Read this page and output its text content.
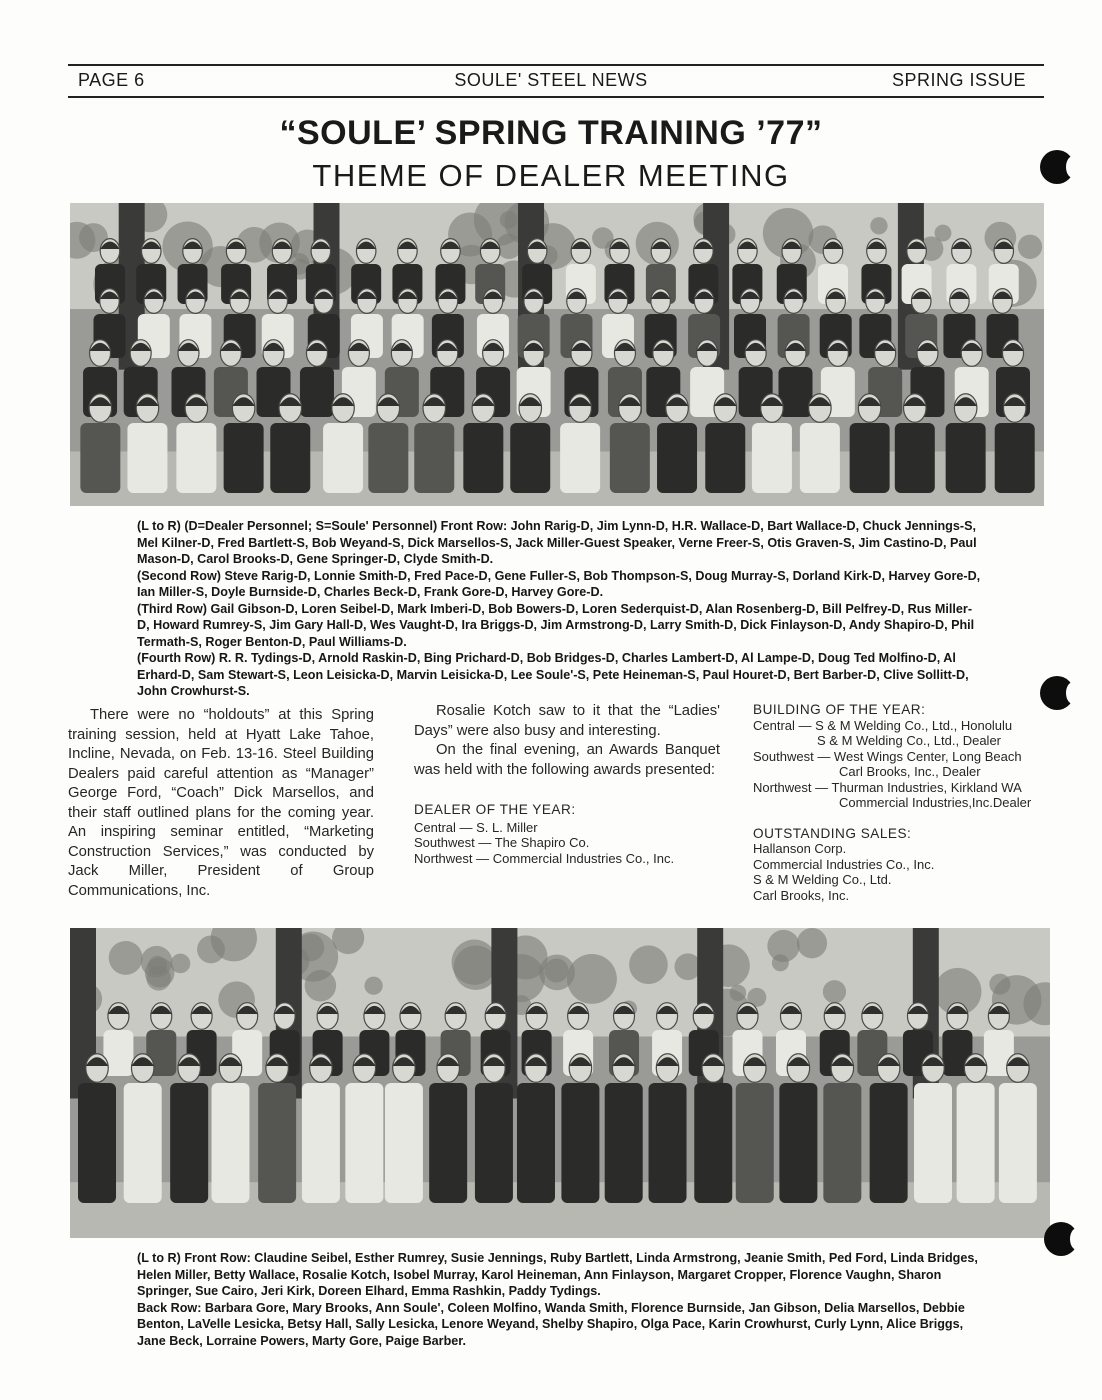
PAGE 6	SOULE' STEEL NEWS	SPRING ISSUE
“SOULE’ SPRING TRAINING ’77”
THEME OF DEALER MEETING

(L to R) (D=Dealer Personnel; S=Soule' Personnel) Front Row: John Rarig-D, Jim Lynn-D, H.R. Wallace-D, Bart Wallace-D, Chuck Jennings-S, Mel Kilner-D, Fred Bartlett-S, Bob Weyand-S, Dick Marsellos-S, Jack Miller-Guest Speaker, Verne Freer-S, Otis Graven-S, Jim Castino-D, Paul Mason-D, Carol Brooks-D, Gene Springer-D, Clyde Smith-D.

(Second Row) Steve Rarig-D, Lonnie Smith-D, Fred Pace-D, Gene Fuller-S, Bob Thompson-S, Doug Murray-S, Dorland Kirk-D, Harvey Gore-D, Ian Miller-S, Doyle Burnside-D, Charles Beck-D, Frank Gore-D, Harvey Gore-D.

(Third Row) Gail Gibson-D, Loren Seibel-D, Mark Imberi-D, Bob Bowers-D, Loren Sederquist-D, Alan Rosenberg-D, Bill Pelfrey-D, Rus Miller-D, Howard Rumrey-S, Jim Gary Hall-D, Wes Vaught-D, Ira Briggs-D, Jim Armstrong-D, Larry Smith-D, Dick Finlayson-D, Andy Shapiro-D, Phil Termath-S, Roger Benton-D, Paul Williams-D.

(Fourth Row) R. R. Tydings-D, Arnold Raskin-D, Bing Prichard-D, Bob Bridges-D, Charles Lambert-D, Al Lampe-D, Doug Ted Molfino-D, Al Erhard-D, Sam Stewart-S, Leon Leisicka-D, Marvin Leisicka-D, Lee Soule'-S, Pete Heineman-S, Paul Houret-D, Bert Barber-D, Clive Sollitt-D, John Crowhurst-S.

There were no “holdouts” at this Spring training session, held at Hyatt Lake Tahoe, Incline, Nevada, on Feb. 13-16. Steel Building Dealers paid careful attention as “Manager” George Ford, “Coach” Dick Marsellos, and their staff outlined plans for the coming year. An inspiring seminar entitled, “Marketing Construction Services,” was conducted by Jack Miller, President of Group Communications, Inc.

Rosalie Kotch saw to it that the “Ladies' Days” were also busy and interesting.

On the final evening, an Awards Banquet was held with the following awards presented:

DEALER OF THE YEAR:
Central — S. L. Miller
Southwest — The Shapiro Co.
Northwest — Commercial Industries Co., Inc.
BUILDING OF THE YEAR:
Central — S & M Welding Co., Ltd., Honolulu
S & M Welding Co., Ltd., Dealer
Southwest — West Wings Center, Long Beach
Carl Brooks, Inc., Dealer
Northwest — Thurman Industries, Kirkland WA
Commercial Industries,Inc.Dealer
OUTSTANDING SALES:
Hallanson Corp.
Commercial Industries Co., Inc.
S & M Welding Co., Ltd.
Carl Brooks, Inc.

(L to R) Front Row: Claudine Seibel, Esther Rumrey, Susie Jennings, Ruby Bartlett, Linda Armstrong, Jeanie Smith, Ped Ford, Linda Bridges, Helen Miller, Betty Wallace, Rosalie Kotch, Isobel Murray, Karol Heineman, Ann Finlayson, Margaret Cropper, Florence Vaughn, Sharon Springer, Sue Cairo, Jeri Kirk, Doreen Elhard, Emma Rashkin, Paddy Tydings.

Back Row: Barbara Gore, Mary Brooks, Ann Soule', Coleen Molfino, Wanda Smith, Florence Burnside, Jan Gibson, Delia Marsellos, Debbie Benton, LaVelle Lesicka, Betsy Hall, Sally Lesicka, Lenore Weyand, Shelby Shapiro, Olga Pace, Karin Crowhurst, Curly Lynn, Alice Briggs, Jane Beck, Lorraine Powers, Marty Gore, Paige Barber.
